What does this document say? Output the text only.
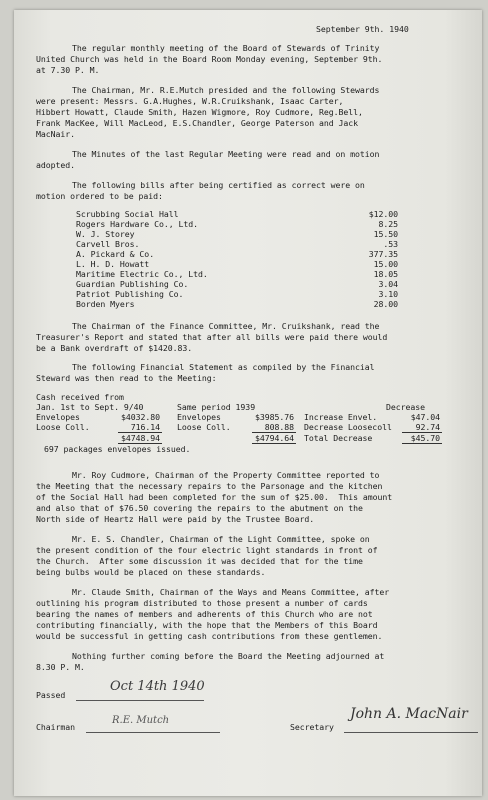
September 9th. 1940
The regular monthly meeting of the Board of Stewards of Trinity
United Church was held in the Board Room Monday evening, September 9th.
at 7.30 P. M.
The Chairman, Mr. R.E.Mutch presided and the following Stewards
were present: Messrs. G.A.Hughes, W.R.Cruikshank, Isaac Carter,
Hibbert Howatt, Claude Smith, Hazen Wigmore, Roy Cudmore, Reg.Bell,
Frank MacKee, Will MacLeod, E.S.Chandler, George Paterson and Jack
MacNair.
The Minutes of the last Regular Meeting were read and on motion
adopted.
The following bills after being certified as correct were on
motion ordered to be paid:
Scrubbing Social Hall	$12.00
Rogers Hardware Co., Ltd.	8.25
W. J. Storey	15.50
Carvell Bros.	.53
A. Pickard & Co.	377.35
L. H. D. Howatt	15.00
Maritime Electric Co., Ltd.	18.05
Guardian Publishing Co.	3.04
Patriot Publishing Co.	3.10
Borden Myers	28.00
The Chairman of the Finance Committee, Mr. Cruikshank, read the
Treasurer's Report and stated that after all bills were paid there would
be a Bank overdraft of $1420.83.
The following Financial Statement as compiled by the Financial
Steward was then read to the Meeting:
Cash received from
Jan. 1st to Sept. 9/40	Same period 1939	Decrease
Envelopes	$4032.80 Envelopes	$3985.76 Increase Envel.	$47.04
Loose Coll.	716.14 Loose Coll.	808.88 Decrease Loosecoll	92.74
$4748.94	$4794.64 Total Decrease	$45.70
697 packages envelopes issued.
Mr. Roy Cudmore, Chairman of the Property Committee reported to
the Meeting that the necessary repairs to the Parsonage and the kitchen
of the Social Hall had been completed for the sum of $25.00.  This amount
and also that of $76.50 covering the repairs to the abutment on the
North side of Heartz Hall were paid by the Trustee Board.
Mr. E. S. Chandler, Chairman of the Light Committee, spoke on
the present condition of the four electric light standards in front of
the Church.  After some discussion it was decided that for the time
being bulbs would be placed on these standards.
Mr. Claude Smith, Chairman of the Ways and Means Committee, after
outlining his program distributed to those present a number of cards
bearing the names of members and adherents of this Church who are not
contributing financially, with the hope that the Members of this Board
would be successful in getting cash contributions from these gentlemen.
Nothing further coming before the Board the Meeting adjourned at
8.30 P. M.
Passed
Oct 14th 1940
Chairman
R.E. Mutch
Secretary
John A. MacNair
